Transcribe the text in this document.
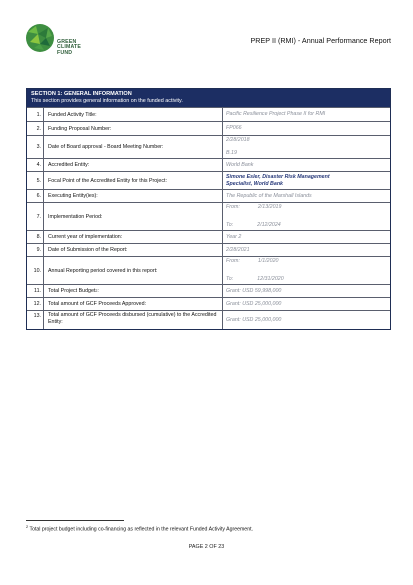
GREEN
CLIMATE
FUND
PREP II (RMI) - Annual Performance Report
SECTION 1: GENERAL INFORMATION
This section provides general information on the funded activity.
1.	Funded Activity Title:	Pacific Resilience Project Phase II for RMI
2.	Funding Proposal Number:	FP066
3.	Date of Board approval - Board Meeting Number:
2/28/2018
B.19
4.	Accredited Entity:	World Bank
5.	Focal Point of the Accredited Entity for this Project:
Simone Esler, Disaster Risk Management
Specialist, World Bank
6.	Executing Entity(ies):	The Republic of the Marshall Islands
7.	Implementation Period:
From:	2/13/2019
To:	2/12/2024
8.	Current year of implementation:	Year 2
9.	Date of Submission of the Report:	2/28/2021
10.	Annual Reporting period covered in this report:
From:	1/1/2020
To:	12/31/2020
11.	Total Project Budget 2 :	Grant: USD 59,998,000
12.	Total amount of GCF Proceeds Approved:	Grant: USD 25,000,000
13.	Total amount of GCF Proceeds disbursed (cumulative) to the Accredited Entity:	Grant: USD 25,000,000
$^2$ Total project budget including co-financing as reflected in the relevant Funded Activity Agreement.
PAGE 2 OF 23
